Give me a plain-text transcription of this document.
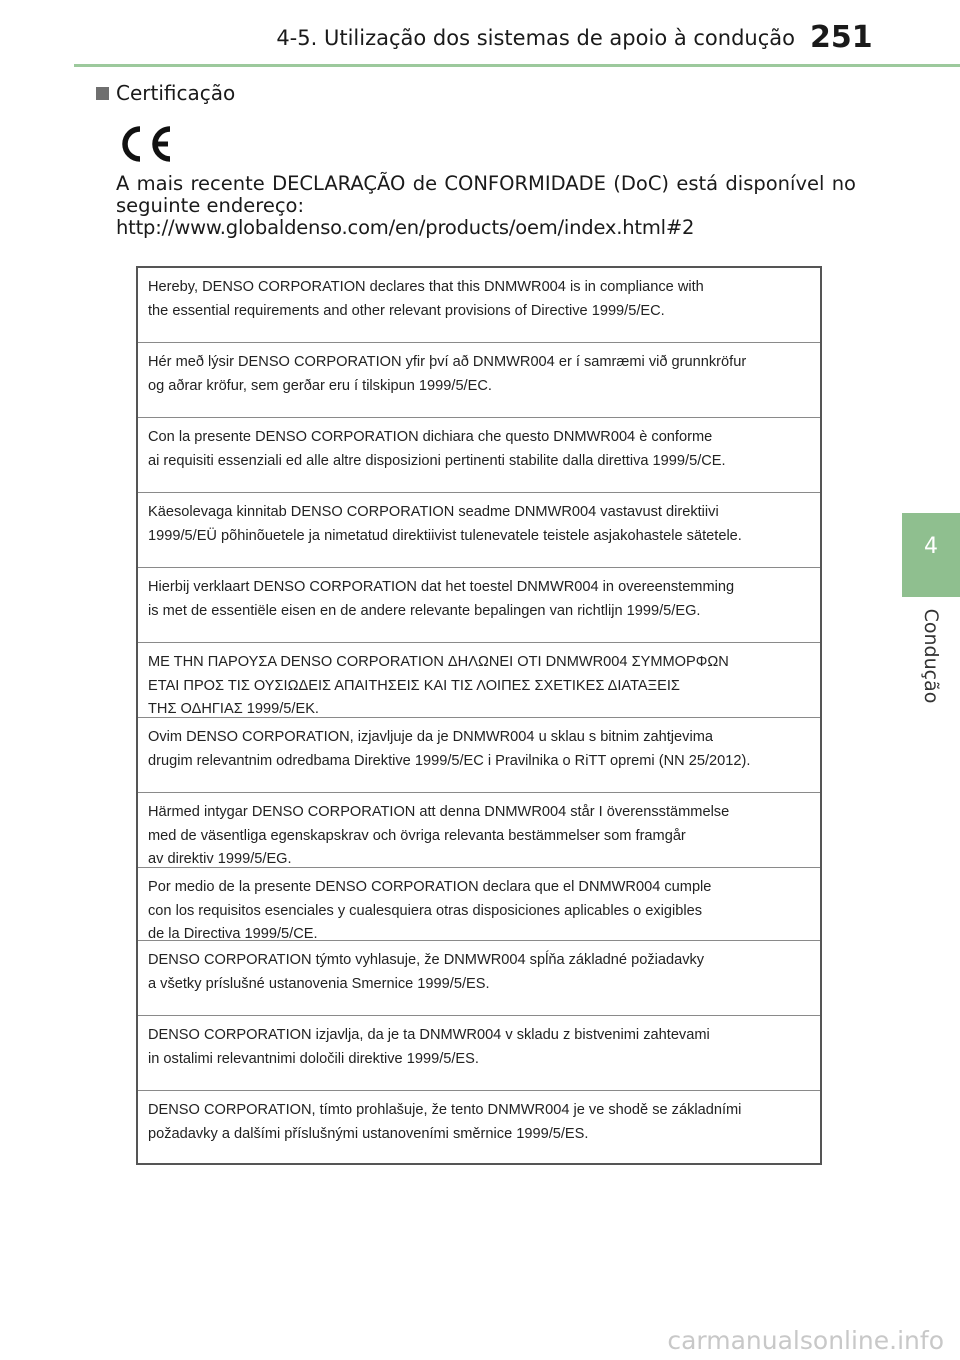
4-5. Utilização dos sistemas de apoio à condução 251
4
Condução
Certificação
A mais recente DECLARAÇÃO de CONFORMIDADE (DoC) está disponível no
seguinte endereço:
http://www.globaldenso.com/en/products/oem/index.html#2
Hereby, DENSO CORPORATION declares that this DNMWR004 is in compliance with
the essential requirements and other relevant provisions of Directive 1999/5/EC.
Hér með lýsir DENSO CORPORATION yfir því að DNMWR004 er í samræmi við grunnkröfur
og aðrar kröfur, sem gerðar eru í tilskipun 1999/5/EC.
Con la presente DENSO CORPORATION dichiara che questo DNMWR004 è conforme
ai requisiti essenziali ed alle altre disposizioni pertinenti stabilite dalla direttiva 1999/5/CE.
Käesolevaga kinnitab DENSO CORPORATION seadme DNMWR004 vastavust direktiivi
1999/5/EÜ põhinõuetele ja nimetatud direktiivist tulenevatele teistele asjakohastele sätetele.
Hierbij verklaart DENSO CORPORATION dat het toestel DNMWR004 in overeenstemming
is met de essentiële eisen en de andere relevante bepalingen van richtlijn 1999/5/EG.
ΜΕ ΤΗΝ ΠΑΡΟΥΣΑ DENSO CORPORATION ΔΗΛΩΝΕΙ ΟΤΙ DNMWR004 ΣΥΜΜΟΡΦΩΝ
ΕΤΑΙ ΠΡΟΣ ΤΙΣ ΟΥΣΙΩΔΕΙΣ ΑΠΑΙΤΗΣΕΙΣ ΚΑΙ ΤΙΣ ΛΟΙΠΕΣ ΣΧΕΤΙΚΕΣ ΔΙΑΤΑΞΕΙΣ
ΤΗΣ ΟΔΗΓΙΑΣ 1999/5/ΕΚ.
Ovim DENSO CORPORATION, izjavljuje da je DNMWR004 u sklau s bitnim zahtjevima
drugim relevantnim odredbama Direktive 1999/5/EC i Pravilnika o RiTT opremi (NN 25/2012).
Härmed intygar DENSO CORPORATION att denna DNMWR004 står I överensstämmelse
med de väsentliga egenskapskrav och övriga relevanta bestämmelser som framgår
av direktiv 1999/5/EG.
Por medio de la presente DENSO CORPORATION declara que el DNMWR004 cumple
con los requisitos esenciales y cualesquiera otras disposiciones aplicables o exigibles
de la Directiva 1999/5/CE.
DENSO CORPORATION týmto vyhlasuje, že DNMWR004 spĺňa základné požiadavky
a všetky príslušné ustanovenia Smernice 1999/5/ES.
DENSO CORPORATION izjavlja, da je ta DNMWR004 v skladu z bistvenimi zahtevami
in ostalimi relevantnimi določili direktive 1999/5/ES.
DENSO CORPORATION, tímto prohlašuje, že tento DNMWR004 je ve shodě se základními
požadavky a dalšími příslušnými ustanoveními směrnice 1999/5/ES.
carmanualsonline.info
